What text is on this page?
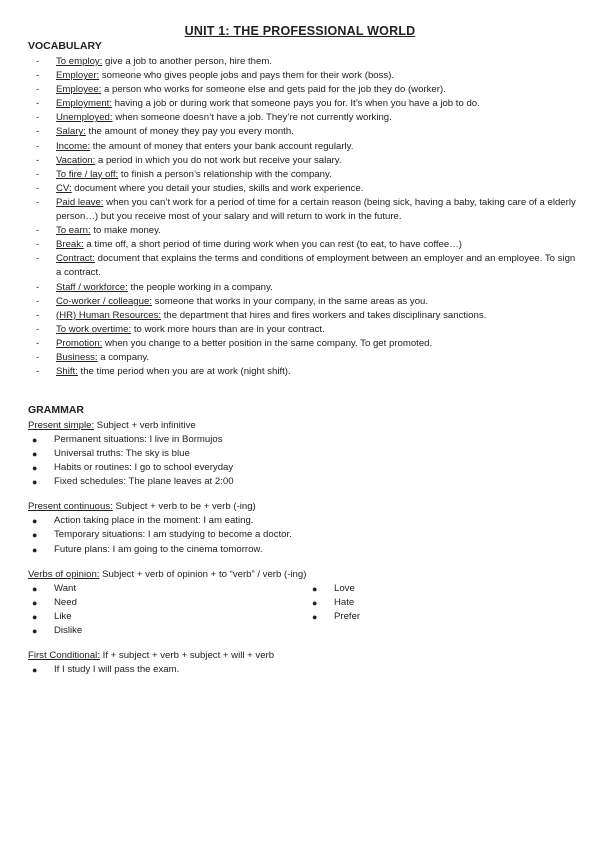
UNIT 1: THE PROFESSIONAL WORLD
VOCABULARY
-	To employ: give a job to another person, hire them.
-	Employer: someone who gives people jobs and pays them for their work (boss).
-	Employee: a person who works for someone else and gets paid for the job they do (worker).
-	Employment: having a job or during work that someone pays you for. It’s when you have a job to do.
-	Unemployed: when someone doesn’t have a job. They’re not currently working.
-	Salary: the amount of money they pay you every month.
-	Income: the amount of money that enters your bank account regularly.
-	Vacation: a period in which you do not work but receive your salary.
-	To fire / lay off: to finish a person’s relationship with the company.
-	CV: document where you detail your studies, skills and work experience.
-	Paid leave: when you can’t work for a period of time for a certain reason (being sick, having a baby, taking care of a elderly person…) but you receive most of your salary and will return to work in the future.
-	To earn: to make money.
-	Break: a time off, a short period of time during work when you can rest (to eat, to have coffee…)
-	Contract: document that explains the terms and conditions of employment between an employer and an employee. To sign a contract.
-	Staff / workforce: the people working in a company.
-	Co-worker / colleague: someone that works in your company, in the same areas as you.
-	(HR) Human Resources: the department that hires and fires workers and takes disciplinary sanctions.
-	To work overtime: to work more hours than are in your contract.
-	Promotion: when you change to a better position in the same company. To get promoted.
-	Business: a company.
-	Shift: the time period when you are at work (night shift).
GRAMMAR
Present simple: Subject + verb infinitive
●	Permanent situations: I live in Bormujos
●	Universal truths: The sky is blue
●	Habits or routines: I go to school everyday
●	Fixed schedules: The plane leaves at 2:00
Present continuous: Subject + verb to be + verb (-ing)
●	Action taking place in the moment: I am eating.
●	Temporary situations: I am studying to become a doctor.
●	Future plans: I am going to the cinema tomorrow.
Verbs of opinion: Subject + verb of opinion + to “verb” / verb (-ing)
●	Want
●	Need
●	Like
●	Dislike
●	Love
●	Hate
●	Prefer
First Conditional: If + subject + verb + subject + will + verb
●	If I study I will pass the exam.
